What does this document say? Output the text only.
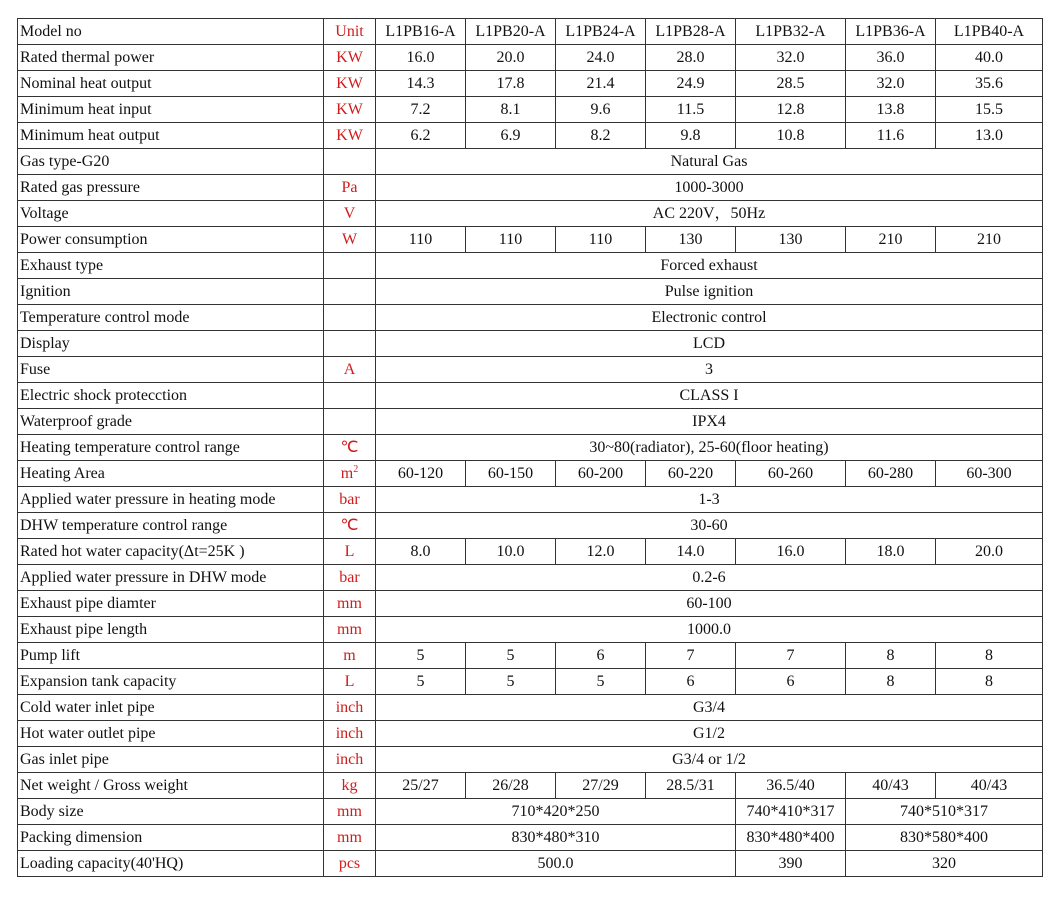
Model no	Unit	L1PB16-A	L1PB20-A	L1PB24-A	L1PB28-A	L1PB32-A	L1PB36-A	L1PB40-A
Rated thermal power	KW	16.0	20.0	24.0	28.0	32.0	36.0	40.0
Nominal heat output	KW	14.3	17.8	21.4	24.9	28.5	32.0	35.6
Minimum heat input	KW	7.2	8.1	9.6	11.5	12.8	13.8	15.5
Minimum heat output	KW	6.2	6.9	8.2	9.8	10.8	11.6	13.0
Gas type-G20		Natural Gas						
Rated gas pressure	Pa	1000-3000						
Voltage	V	AC 220V，50Hz						
Power consumption	W	110	110	110	130	130	210	210
Exhaust type		Forced exhaust						
Ignition		Pulse ignition						
Temperature control mode		Electronic control						
Display		LCD						
Fuse	A	3						
Electric shock protecction		CLASS I						
Waterproof grade		IPX4						
Heating temperature control range	℃	30~80(radiator), 25-60(floor heating)						
Heating Area	$m^2$	60-120	60-150	60-200	60-220	60-260	60-280	60-300
Applied water pressure in heating mode	bar	1-3						
DHW temperature control range	℃	30-60						
Rated hot water capacity(Δt=25K )	L	8.0	10.0	12.0	14.0	16.0	18.0	20.0
Applied water pressure in DHW mode	bar	0.2-6						
Exhaust pipe diamter	mm	60-100						
Exhaust pipe length	mm	1000.0						
Pump lift	m	5	5	6	7	7	8	8
Expansion tank capacity	L	5	5	5	6	6	8	8
Cold water inlet pipe	inch	G3/4						
Hot water outlet pipe	inch	G1/2						
Gas inlet pipe	inch	G3/4 or 1/2						
Net weight / Gross weight	kg	25/27	26/28	27/29	28.5/31	36.5/40	40/43	40/43
Body size	mm	710*420*250				740*410*317	740*510*317	
Packing dimension	mm	830*480*310				830*480*400	830*580*400	
Loading capacity(40'HQ)	pcs	500.0				390	320	
